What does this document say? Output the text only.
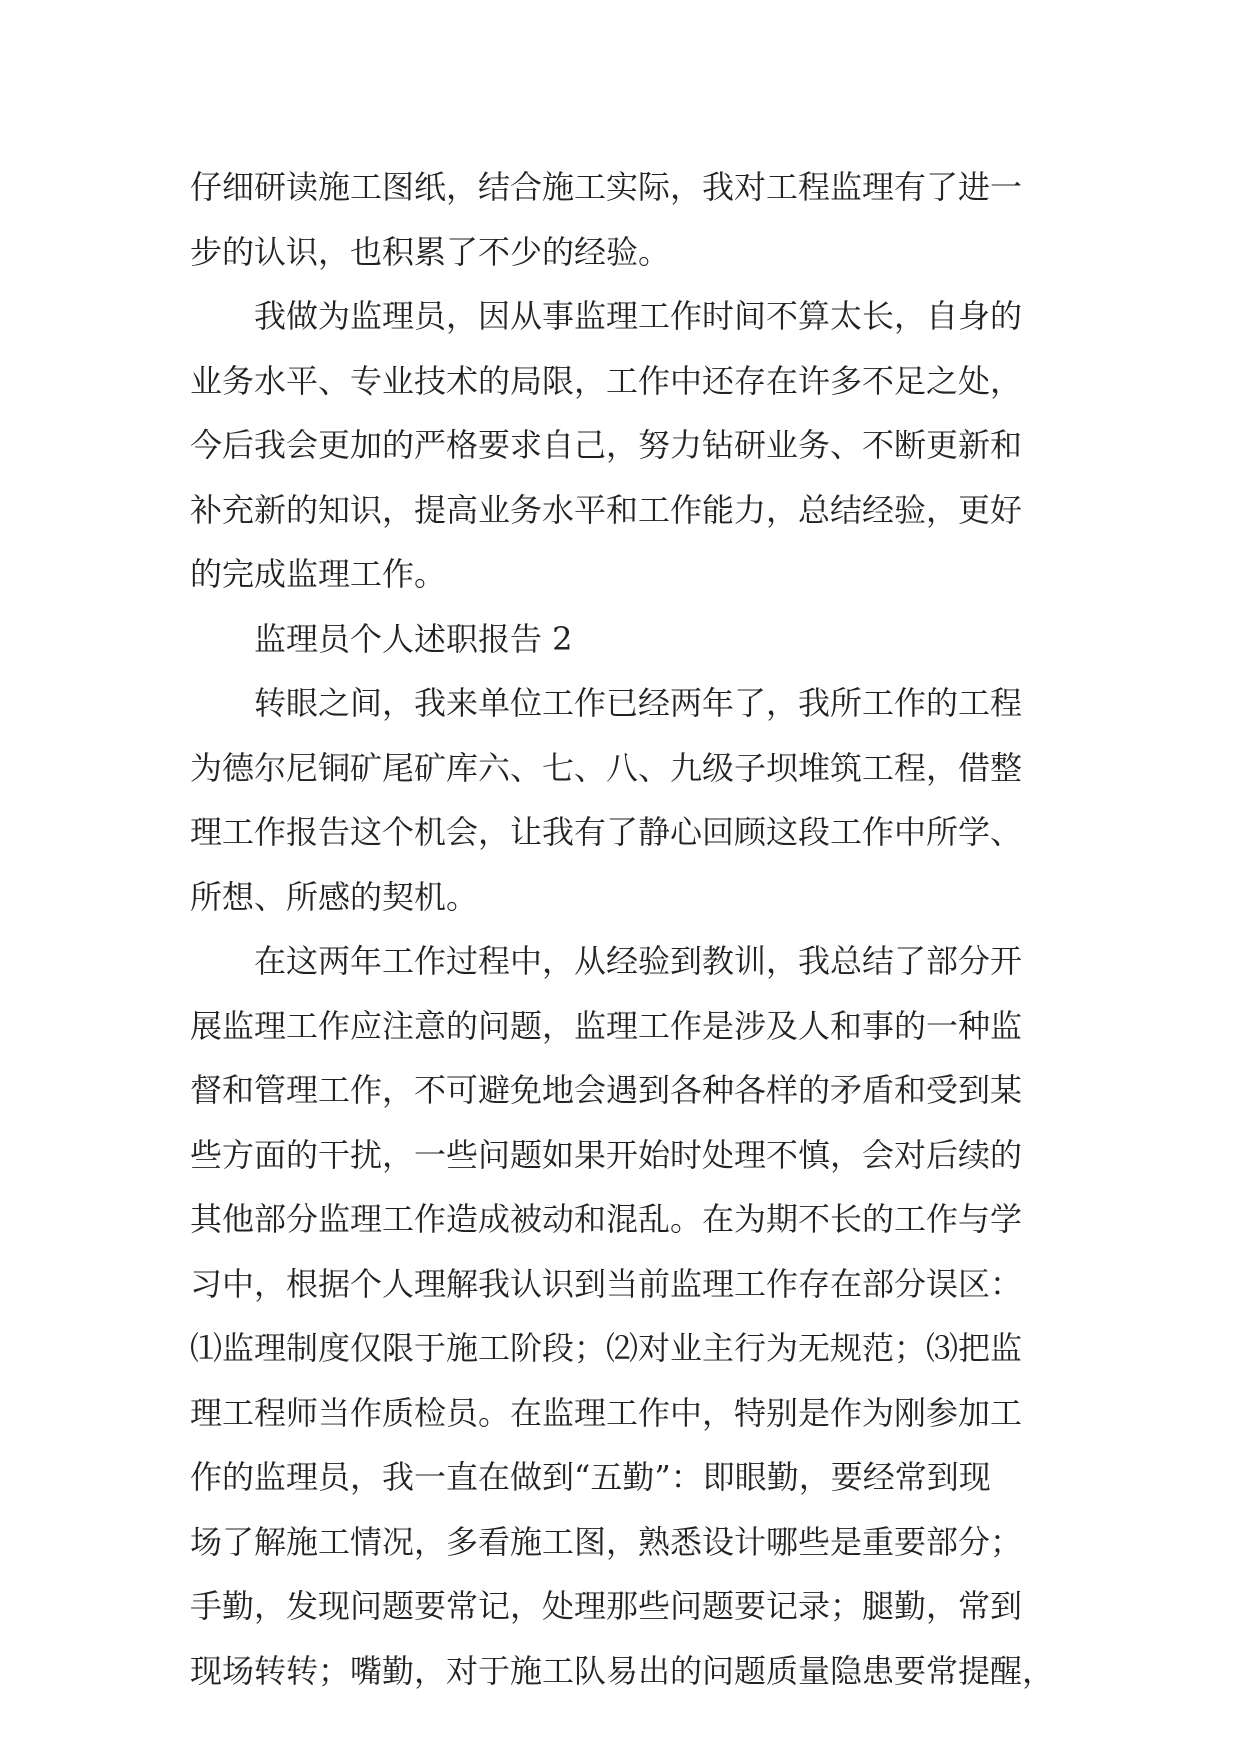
仔细研读施工图纸，结合施工实际，我对工程监理有了进一
步的认识，也积累了不少的经验。
我做为监理员，因从事监理工作时间不算太长，自身的
业务水平、专业技术的局限，工作中还存在许多不足之处，
今后我会更加的严格要求自己，努力钻研业务、不断更新和
补充新的知识，提高业务水平和工作能力，总结经验，更好
的完成监理工作。
监理员个人述职报告 2
转眼之间，我来单位工作已经两年了，我所工作的工程
为德尔尼铜矿尾矿库六、七、八、九级子坝堆筑工程，借整
理工作报告这个机会，让我有了静心回顾这段工作中所学、
所想、所感的契机。
在这两年工作过程中，从经验到教训，我总结了部分开
展监理工作应注意的问题，监理工作是涉及人和事的一种监
督和管理工作，不可避免地会遇到各种各样的矛盾和受到某
些方面的干扰，一些问题如果开始时处理不慎，会对后续的
其他部分监理工作造成被动和混乱。在为期不长的工作与学
习中，根据个人理解我认识到当前监理工作存在部分误区：
⑴监理制度仅限于施工阶段；⑵对业主行为无规范；⑶把监
理工程师当作质检员。在监理工作中，特别是作为刚参加工
作的监理员，我一直在做到“五勤”：即眼勤，要经常到现
场了解施工情况，多看施工图，熟悉设计哪些是重要部分；
手勤，发现问题要常记，处理那些问题要记录；腿勤，常到
现场转转；嘴勤，对于施工队易出的问题质量隐患要常提醒，
